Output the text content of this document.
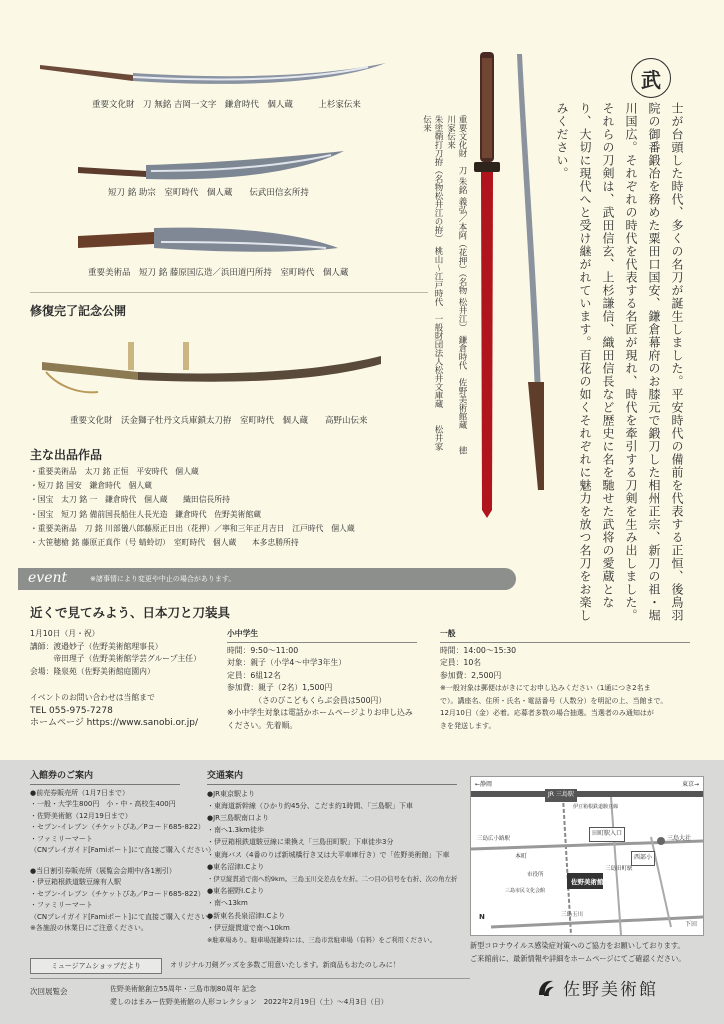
重要文化財　刀 無銘 吉岡一文字　鎌倉時代　個人蔵　　　上杉家伝来
短刀 銘 助宗　室町時代　個人蔵　　伝武田信玄所持
重要美術品　短刀 銘 藤原国広造／浜田道円所持　室町時代　個人蔵
修復完了記念公開
重要文化財　沃金獅子牡丹文兵庫鎖太刀拵　室町時代　個人蔵　　高野山伝来
主な出品作品
・重要美術品　太刀 銘 正恒　平安時代　個人蔵
・短刀 銘 国安　鎌倉時代　個人蔵
・国宝　太刀 銘 一　鎌倉時代　個人蔵　　織田信長所持
・国宝　短刀 銘 備前国長船住人長光造　鎌倉時代　佐野美術館蔵
・重要美術品　刀 銘 川部儀八郎藤原正日出（花押）／寧和三年正月吉日　江戸時代　個人蔵
・大笹穂槍 銘 藤原正真作（号 蜻蛉切）　室町時代　個人蔵　　本多忠勝所持
朱塗鞘打刀拵（名物松井江の拵）　桃山～江戸時代　一般財団法人松井文庫蔵　　松井家伝来	重要文化財　刀 朱銘 義弘／本阿（花押）（名物 松井江）　鎌倉時代　佐野美術館蔵　　徳川家伝来
武
士が台頭した時代、多くの名刀が誕生しました。平安時代の備前を代表する正恒、後鳥羽院の御番鍛冶を務めた粟田口国安、鎌倉幕府のお膝元で鍛刀した相州正宗、新刀の祖・堀川国広。それぞれの時代を代表する名匠が現れ、時代を牽引する刀剣を生み出しました。それらの刀剣は、武田信玄、上杉謙信、織田信長など歴史に名を馳せた武将の愛蔵となり、大切に現代へと受け継がれています。百花の如くそれぞれに魅力を放つ名刀をお楽しみください。
event	※諸事情により変更や中止の場合があります。
近くで見てみよう、日本刀と刀装具
1月10日（月・祝）
講師：渡邉妙子（佐野美術館理事長）
　　　帝田理子（佐野美術館学芸グループ主任）
会場：隆泉苑（佐野美術館庭園内）
イベントのお問い合わせは当館まで
TEL 055-975-7278
ホームページ https://www.sanobi.or.jp/
小中学生
時間：9:50～11:00
対象：親子（小学4～中学3年生）
定員：6組12名
参加費：親子（2名）1,500円
　　　　（さのびこどもくらぶ会員は500円）
※小中学生対象は電話かホームページよりお申し込み
ください。先着順。
一般
時間：14:00～15:30
定員：10名
参加費：2,500円
※一般対象は郵便はがきにてお申し込みください（1通につき2名ま
で）。講座名、住所・氏名・電話番号（人数分）を明記の上、当館まで。
12月10日（金）必着。応募者多数の場合抽選。当選者のみ通知はが
きを発送します。
入館券のご案内
●前売券販売所（1月7日まで）
・一般・大学生800円　小・中・高校生400円
・佐野美術館（12月19日まで）
・セブン-イレブン（チケットぴあ／Pコード685-822）
・ファミリーマート
（CNプレイガイド[Famiポート]にて直接ご購入ください）
●当日割引券販売所（展覧会会期中/各1割引）
・伊豆箱根鉄道駿豆線有人駅
・セブン-イレブン（チケットぴあ／Pコード685-822）
・ファミリーマート
（CNプレイガイド[Famiポート]にて直接ご購入ください）
※各施設の休業日にご注意ください。
交通案内
●JR東京駅より
・東海道新幹線（ひかり約45分、こだま約1時間、「三島駅」下車
●JR三島駅南口より
・南へ1.3km徒歩
・伊豆箱根鉄道駿豆線に乗換え「三島田町駅」下車徒歩3分
・東海バス（4番のりば新城橋行き又は大平車庫行き）で「佐野美術館」下車
●東名沼津I.Cより
・伊豆縦貫道で南へ約9km。三島玉川交差点を左折。二つ目の信号を右折、次の角左折
●東名裾野I.Cより
・南へ13km
●新東名長泉沼津I.Cより
・伊豆縦貫道で南へ10km
※駐車場あり。駐車場混雑時には、三島市営駐車場（有料）をご利用ください。
←静岡
JR 三島駅
東京→
伊豆箱根鉄道駿豆線
三島広小路駅
田町駅入口
三島大社
本町
三島田町駅
佐野美術館
西部小
三島市民文化会館
市役所
三島玉川
下田
N
新型コロナウイルス感染症対策へのご協力をお願いしております。
ご来館前に、最新情報や詳細をホームページにてご確認ください。
ミュージアムショップだより	オリジナル刀剣グッズを多数ご用意いたします。新商品もおたのしみに！
次回展覧会	佐野美術館創立55周年・三島市制80周年 記念
愛しのはまみー佐野美術館の人形コレクション　2022年2月19日（土）～4月3日（日）
佐野美術館
